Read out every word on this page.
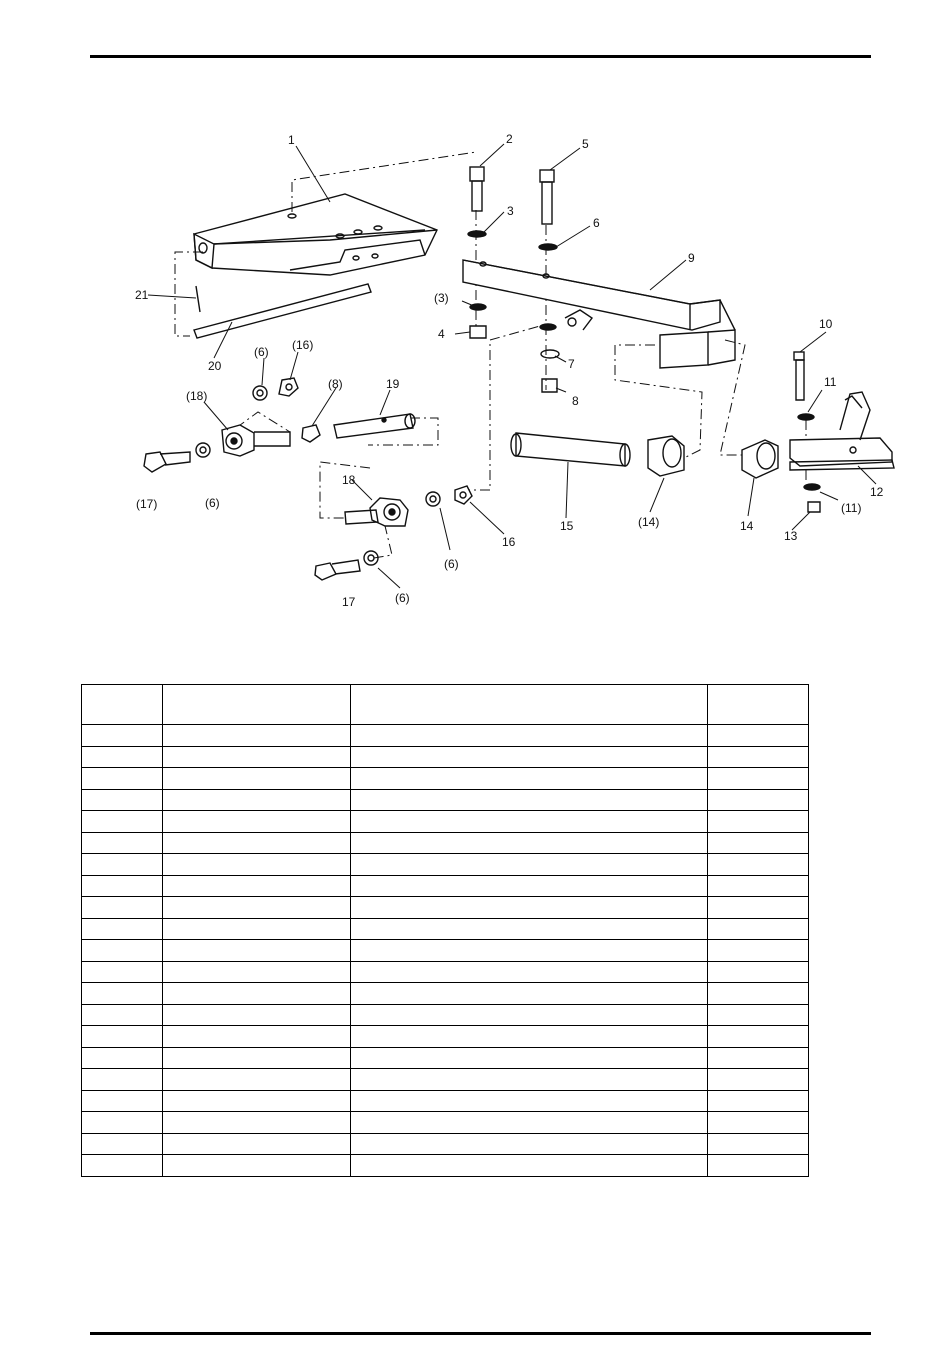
1	2
3
5
6
9
(3)
4
7
8
21
20
(6) (16)
(18)
(8)	19
(17)	(6)
18
(6)
16
15	(14)	14
10
11
12
(11)
13
17	(6)
